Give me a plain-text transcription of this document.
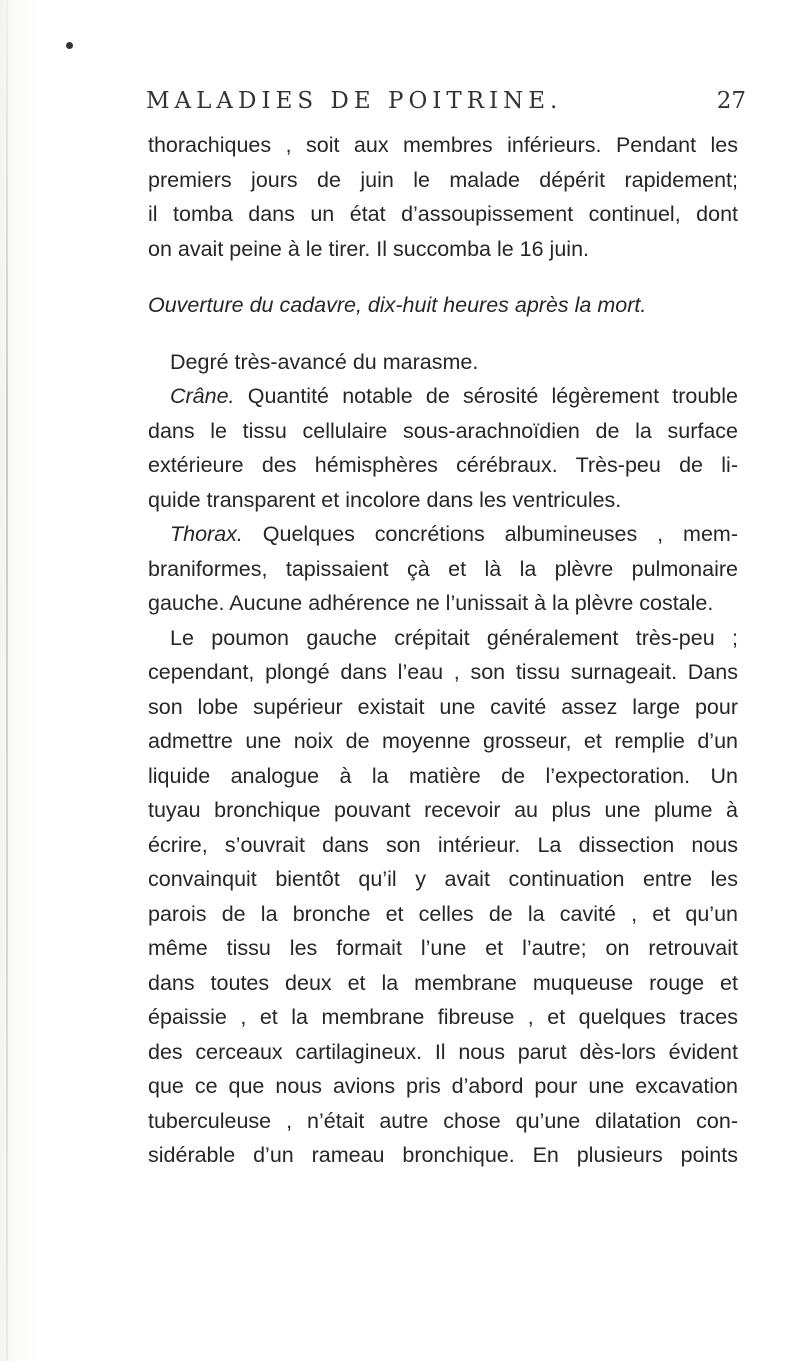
MALADIES DE POITRINE.	27
thorachiques , soit aux membres inférieurs. Pendant les
premiers jours de juin le malade dépérit rapidement;
il tomba dans un état d’assoupissement continuel, dont
on avait peine à le tirer. Il succomba le 16 juin.
Ouverture du cadavre, dix-huit heures après la mort.
Degré très-avancé du marasme.
Crâne. Quantité notable de sérosité légèrement trouble
dans le tissu cellulaire sous-arachnoïdien de la surface
extérieure des hémisphères cérébraux. Très-peu de li-
quide transparent et incolore dans les ventricules.
Thorax. Quelques concrétions albumineuses , mem-
braniformes, tapissaient çà et là la plèvre pulmonaire
gauche. Aucune adhérence ne l’unissait à la plèvre costale.
Le poumon gauche crépitait généralement très-peu ;
cependant, plongé dans l’eau , son tissu surnageait. Dans
son lobe supérieur existait une cavité assez large pour
admettre une noix de moyenne grosseur, et remplie d’un
liquide analogue à la matière de l’expectoration. Un
tuyau bronchique pouvant recevoir au plus une plume à
écrire, s’ouvrait dans son intérieur. La dissection nous
convainquit bientôt qu’il y avait continuation entre les
parois de la bronche et celles de la cavité , et qu’un
même tissu les formait l’une et l’autre; on retrouvait
dans toutes deux et la membrane muqueuse rouge et
épaissie , et la membrane fibreuse , et quelques traces
des cerceaux cartilagineux. Il nous parut dès-lors évident
que ce que nous avions pris d’abord pour une excavation
tuberculeuse , n’était autre chose qu’une dilatation con-
sidérable d’un rameau bronchique. En plusieurs points
